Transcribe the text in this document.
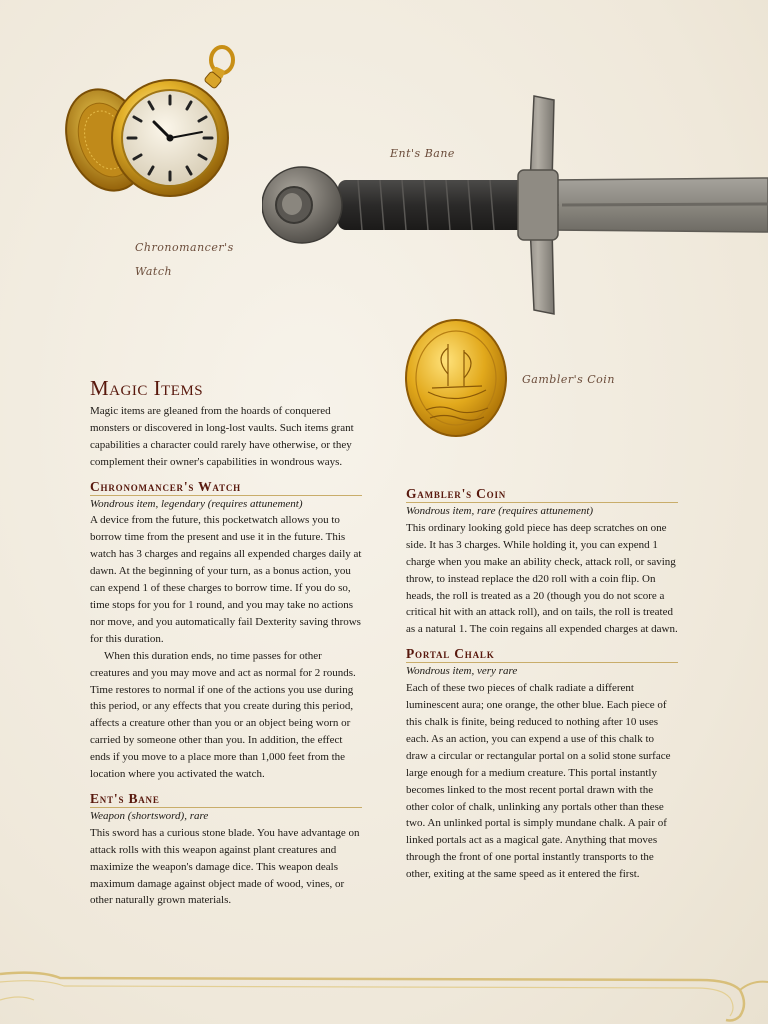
Chronomancer's
Watch
Ent's Bane
Gambler's Coin
Magic Items

Magic items are gleaned from the hoards of conquered monsters or discovered in long-lost vaults. Such items grant capabilities a character could rarely have otherwise, or they complement their owner's capabilities in wondrous ways.

Chronomancer's Watch

Wondrous item, legendary (requires attunement)

A device from the future, this pocketwatch allows you to borrow time from the present and use it in the future. This watch has 3 charges and regains all expended charges daily at dawn. At the beginning of your turn, as a bonus action, you can expend 1 of these charges to borrow time. If you do so, time stops for you for 1 round, and you may take no actions nor move, and you automatically fail Dexterity saving throws for this duration.

When this duration ends, no time passes for other creatures and you may move and act as normal for 2 rounds. Time restores to normal if one of the actions you use during this period, or any effects that you create during this period, affects a creature other than you or an object being worn or carried by someone other than you. In addition, the effect ends if you move to a place more than 1,000 feet from the location where you activated the watch.

Ent's Bane

Weapon (shortsword), rare

This sword has a curious stone blade. You have advantage on attack rolls with this weapon against plant creatures and maximize the weapon's damage dice. This weapon deals maximum damage against object made of wood, vines, or other naturally grown materials.

Gambler's Coin

Wondrous item, rare (requires attunement)

This ordinary looking gold piece has deep scratches on one side. It has 3 charges. While holding it, you can expend 1 charge when you make an ability check, attack roll, or saving throw, to instead replace the d20 roll with a coin flip. On heads, the roll is treated as a 20 (though you do not score a critical hit with an attack roll), and on tails, the roll is treated as a natural 1. The coin regains all expended charges at dawn.

Portal Chalk

Wondrous item, very rare

Each of these two pieces of chalk radiate a different luminescent aura; one orange, the other blue. Each piece of this chalk is finite, being reduced to nothing after 10 uses each. As an action, you can expend a use of this chalk to draw a circular or rectangular portal on a solid stone surface large enough for a medium creature. This portal instantly becomes linked to the most recent portal drawn with the other color of chalk, unlinking any portals other than these two. An unlinked portal is simply mundane chalk. A pair of linked portals act as a magical gate. Anything that moves through the front of one portal instantly transports to the other, exiting at the same speed as it entered the first.
